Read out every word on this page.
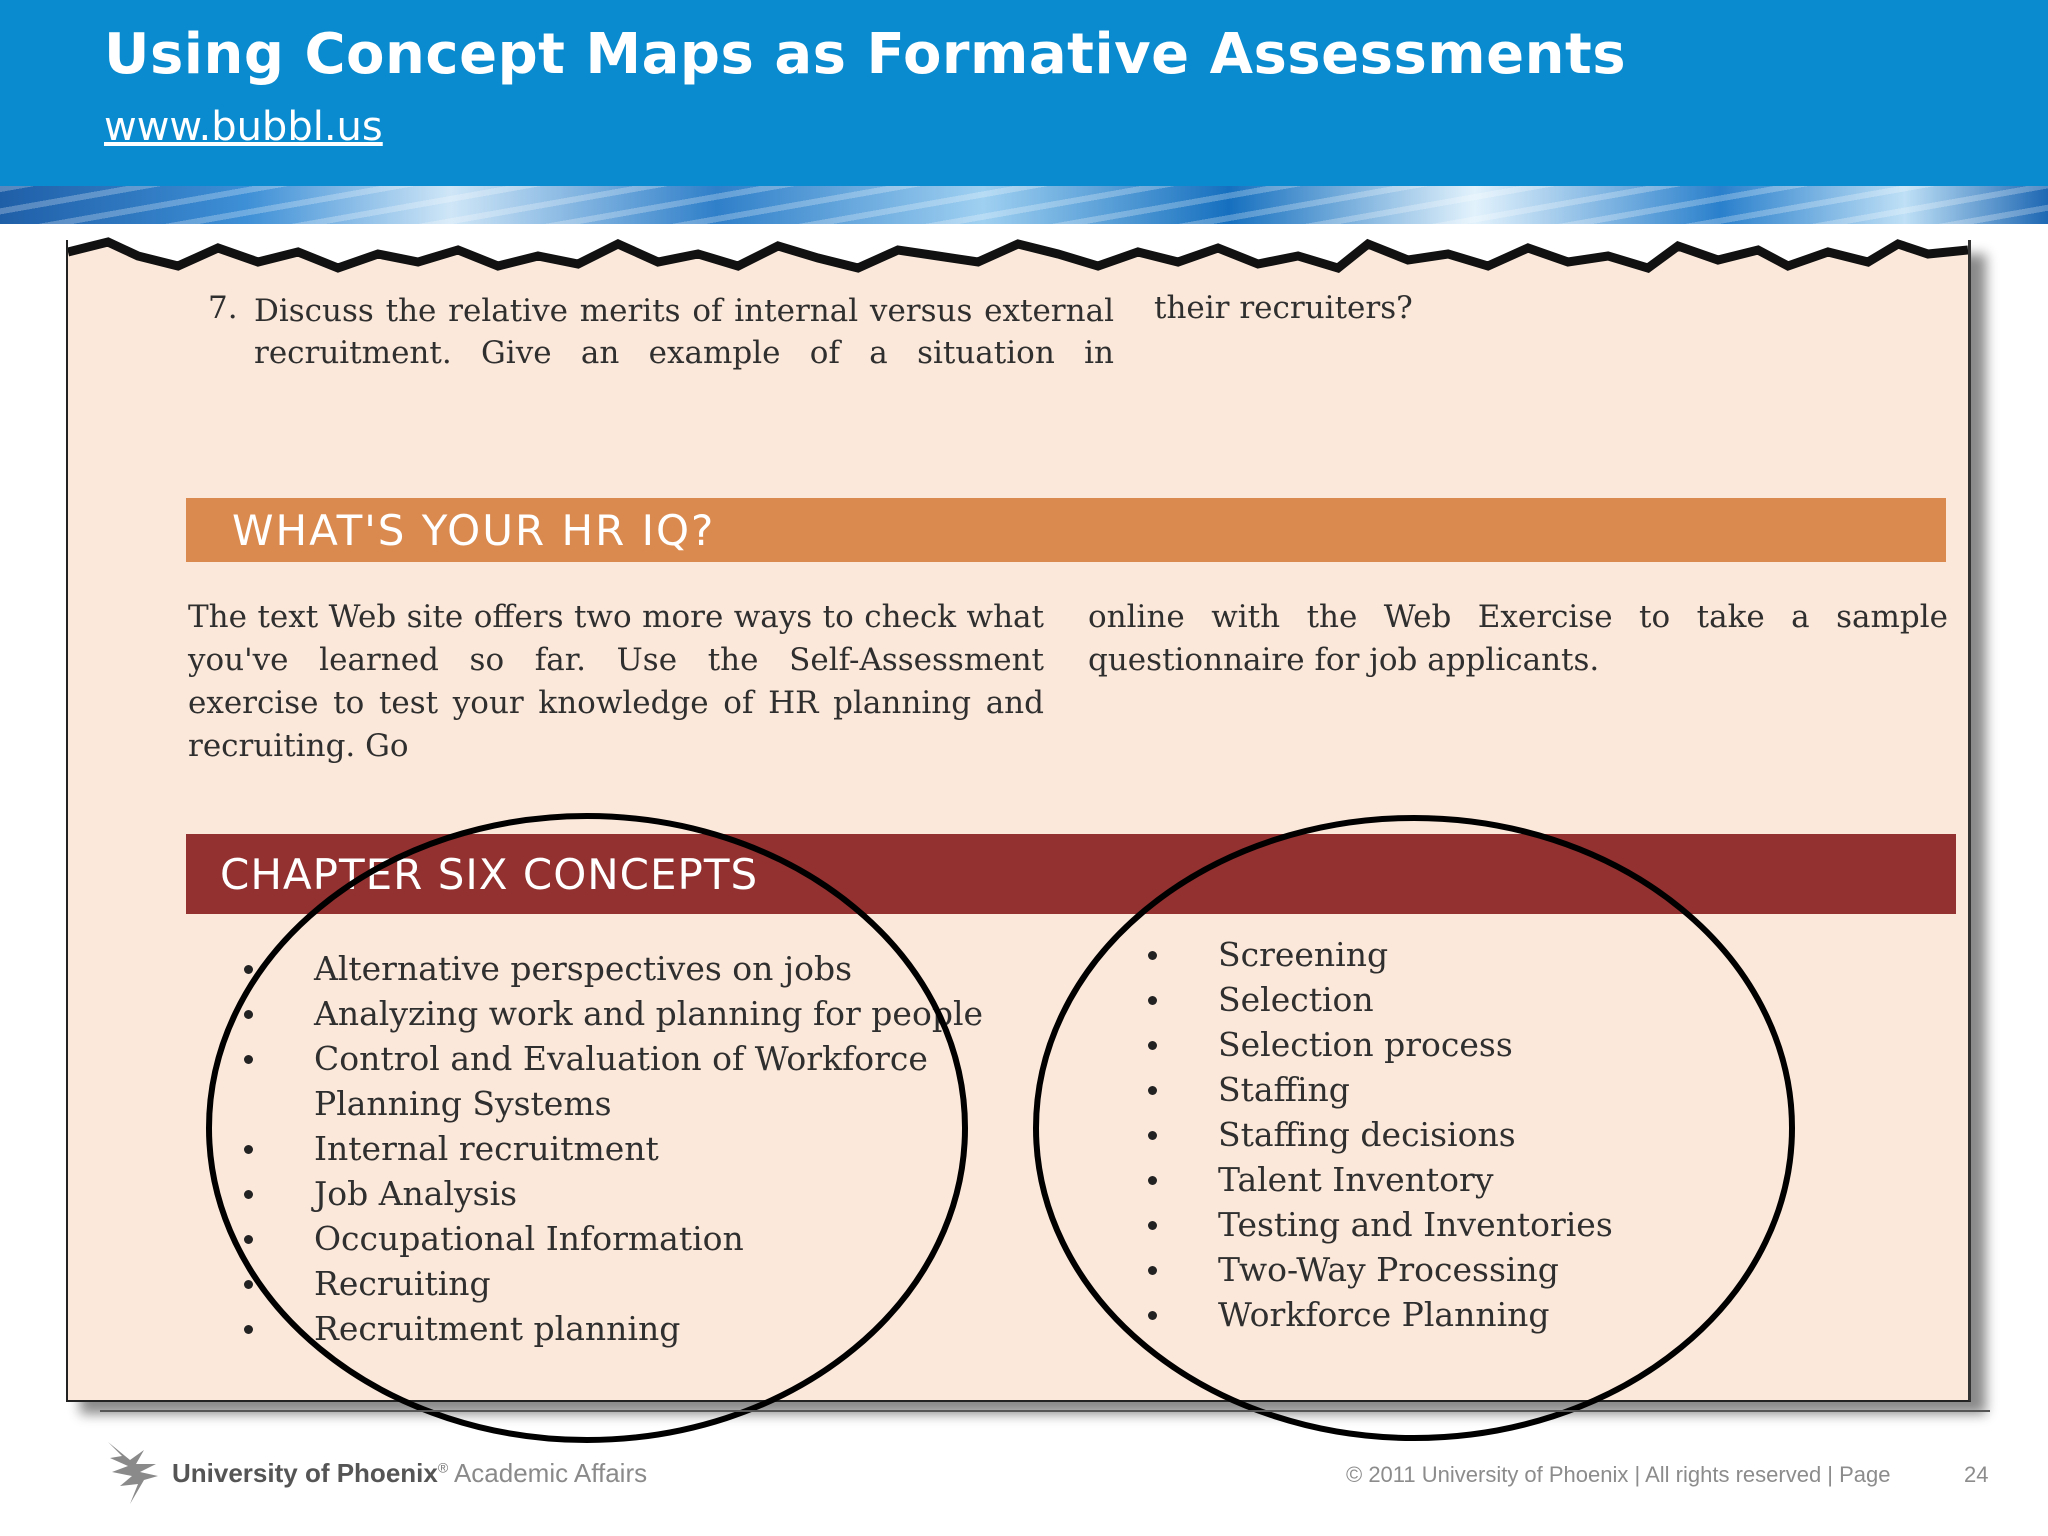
Using Concept Maps as Formative Assessments
www.bubbl.us
7. Discuss the relative merits of internal versus external recruitment. Give an example of a situation in
their recruiters?
WHAT'S YOUR HR IQ?
The text Web site offers two more ways to check what you've learned so far. Use the Self-Assessment exercise to test your knowledge of HR planning and recruiting. Go
online with the Web Exercise to take a sample questionnaire for job applicants.
CHAPTER SIX CONCEPTS
Alternative perspectives on jobs
Analyzing work and planning for people
Control and Evaluation of Workforce Planning Systems
Internal recruitment
Job Analysis
Occupational Information
Recruiting
Recruitment planning
Screening
Selection
Selection process
Staffing
Staffing decisions
Talent Inventory
Testing and Inventories
Two-Way Processing
Workforce Planning
University of Phoenix® Academic Affairs	© 2011 University of Phoenix | All rights reserved | Page	24
